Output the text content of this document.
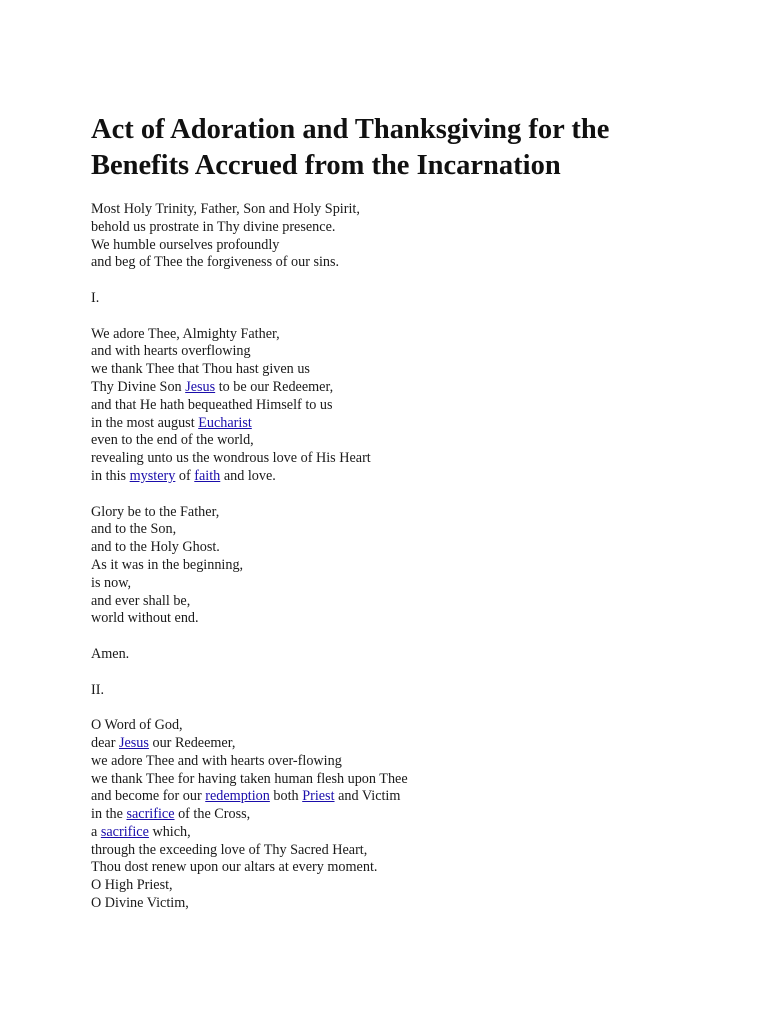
Act of Adoration and Thanksgiving for the Benefits Accrued from the Incarnation
Most Holy Trinity, Father, Son and Holy Spirit,
behold us prostrate in Thy divine presence.
We humble ourselves profoundly
and beg of Thee the forgiveness of our sins.
I.
We adore Thee, Almighty Father,
and with hearts overflowing
we thank Thee that Thou hast given us
Thy Divine Son Jesus to be our Redeemer,
and that He hath bequeathed Himself to us
in the most august Eucharist
even to the end of the world,
revealing unto us the wondrous love of His Heart
in this mystery of faith and love.
Glory be to the Father,
and to the Son,
and to the Holy Ghost.
As it was in the beginning,
is now,
and ever shall be,
world without end.
Amen.
II.
O Word of God,
dear Jesus our Redeemer,
we adore Thee and with hearts over-flowing
we thank Thee for having taken human flesh upon Thee
and become for our redemption both Priest and Victim
in the sacrifice of the Cross,
a sacrifice which,
through the exceeding love of Thy Sacred Heart,
Thou dost renew upon our altars at every moment.
O High Priest,
O Divine Victim,
